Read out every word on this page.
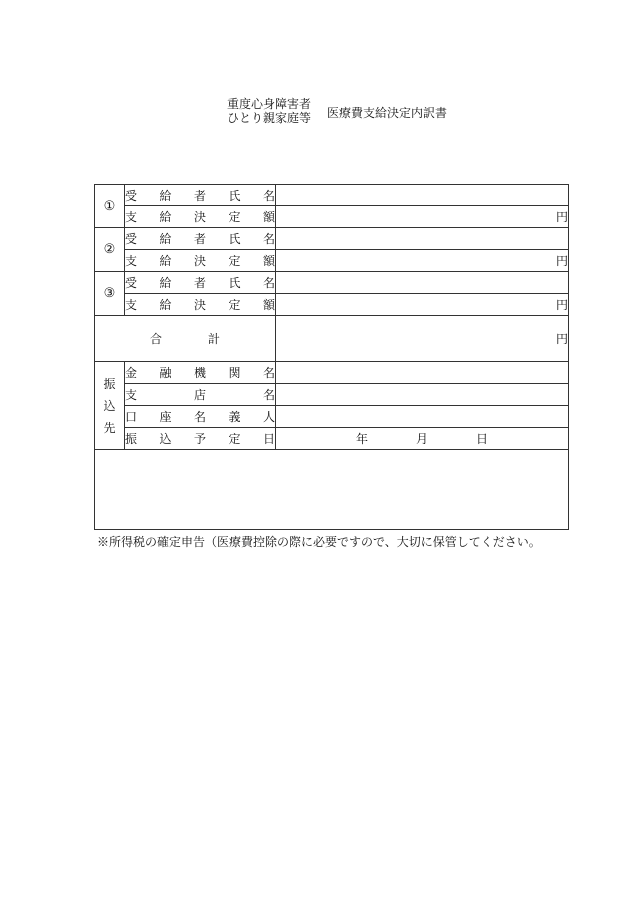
重度心身障害者
ひとり親家庭等 医療費支給決定内訳書
①	受 給 者 氏 名	

	支 給 決 定 額	円
②	受 給 者 氏 名	

	支 給 決 定 額	円
③	受 給 者 氏 名	

	支 給 決 定 額	円

合 計		円

振
込
先	金 融 機 関 名	

	支 店 名	

	口 座 名 義 人	

	振 込 予 定 日	年 月 日

※所得税の確定申告（医療費控除の際に必要ですので、大切に保管してください。
